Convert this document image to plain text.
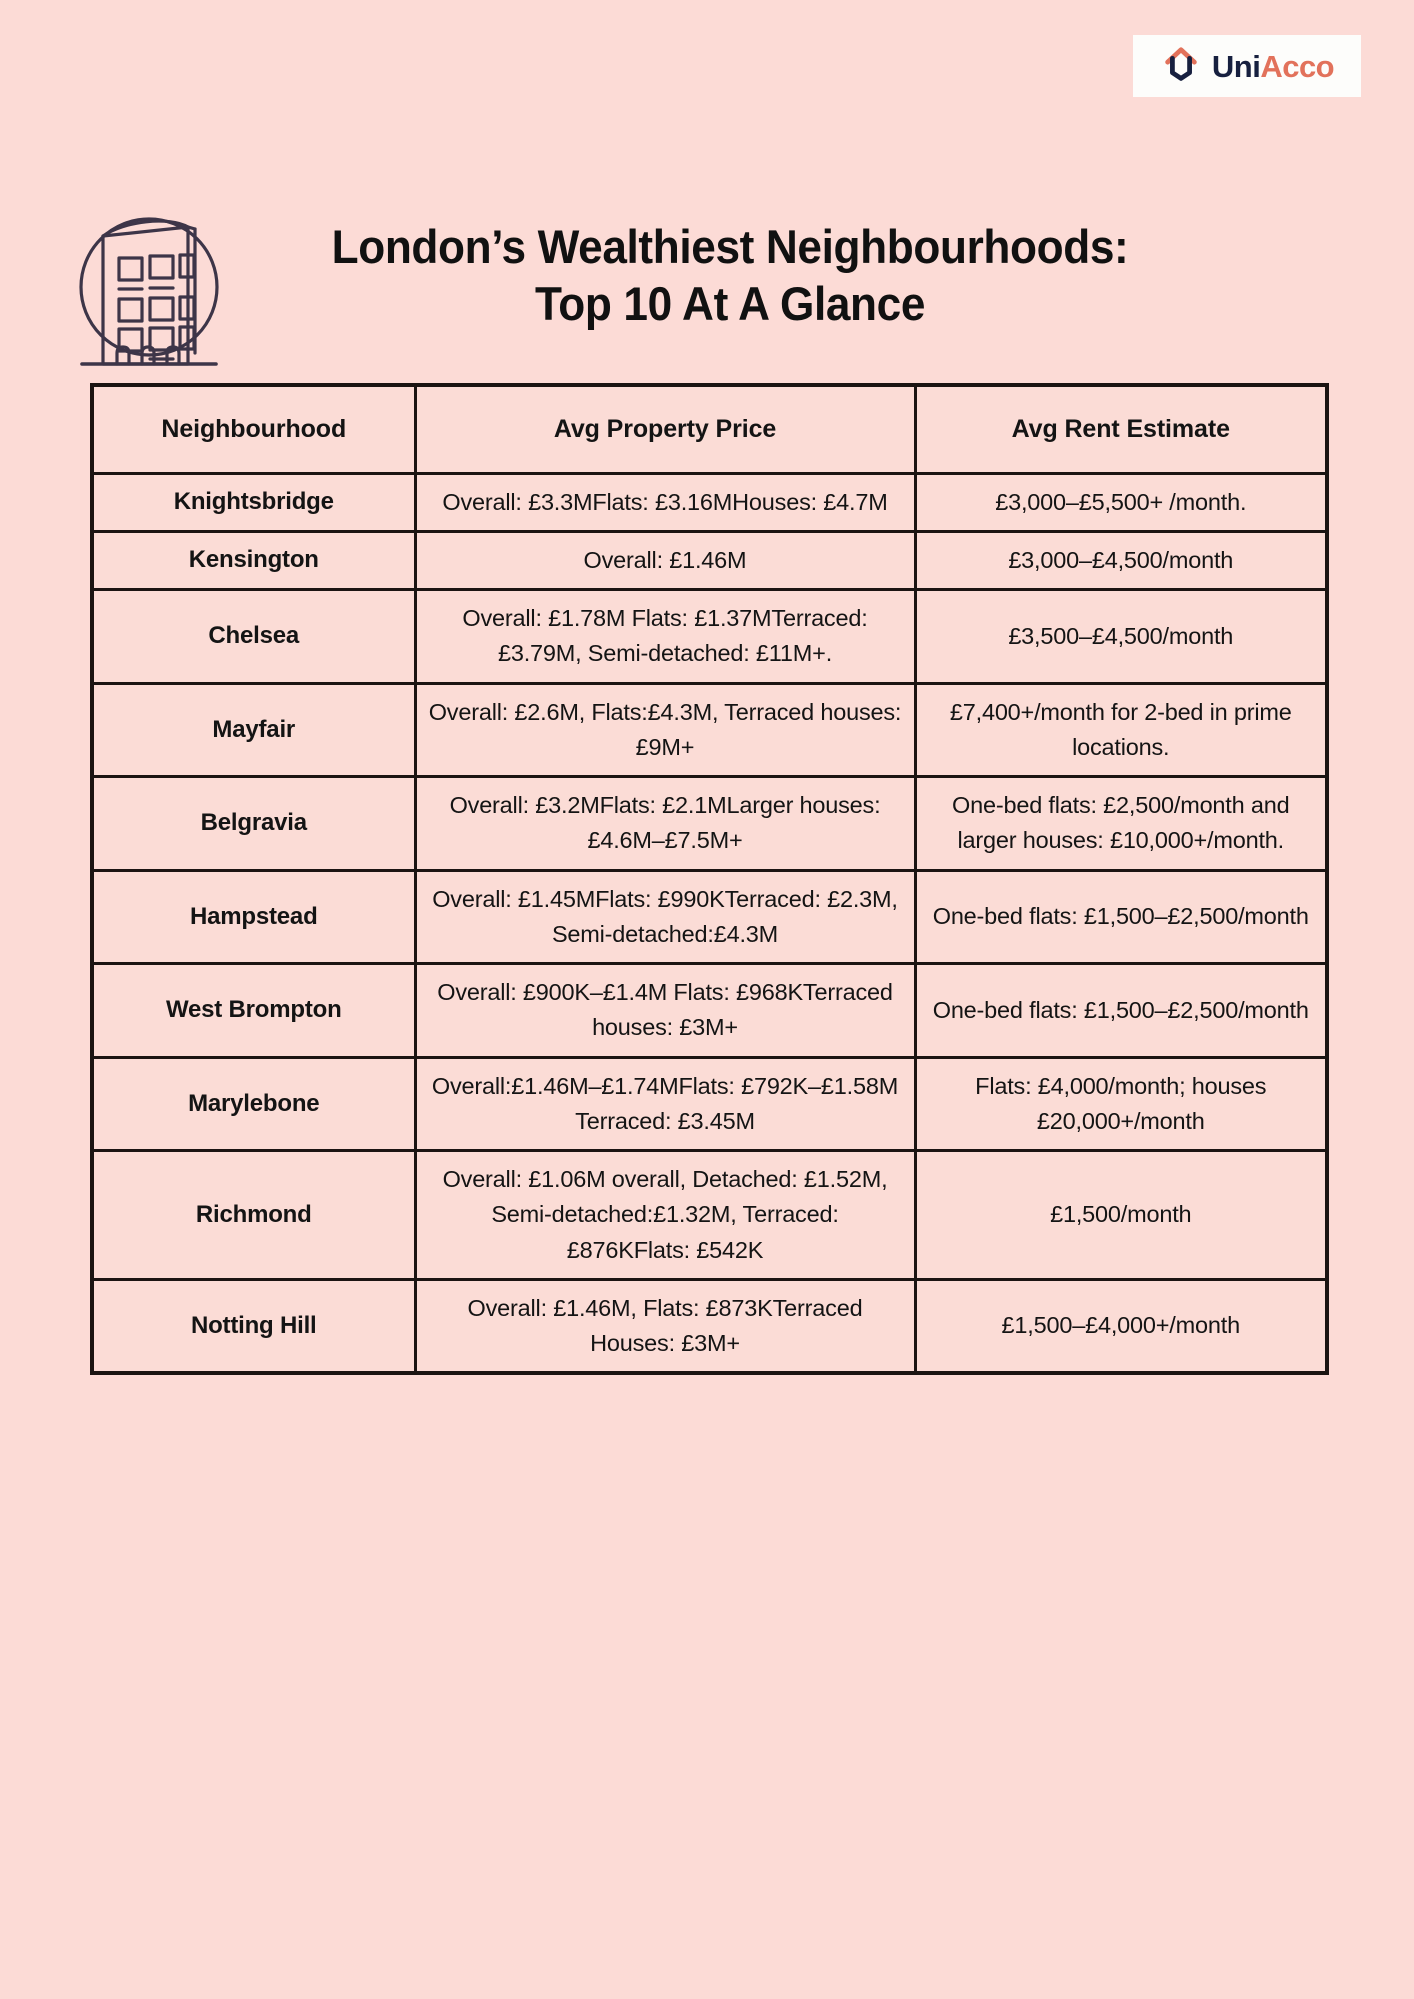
UniAcco
London’s Wealthiest Neighbourhoods:
Top 10 At A Glance
Neighbourhood	Avg Property Price	Avg Rent Estimate
Knightsbridge	Overall: £3.3MFlats: £3.16MHouses: £4.7M	£3,000–£5,500+ /month.
Kensington	Overall: £1.46M	£3,000–£4,500/month
Chelsea	Overall: £1.78M Flats: £1.37MTerraced: £3.79M, Semi-detached: £11M+.	£3,500–£4,500/month
Mayfair	Overall: £2.6M, Flats:£4.3M, Terraced houses: £9M+	£7,400+/month for 2-bed in prime locations.
Belgravia	Overall: £3.2MFlats: £2.1MLarger houses: £4.6M–£7.5M+	One-bed flats: £2,500/month and larger houses: £10,000+/month.
Hampstead	Overall: £1.45MFlats: £990KTerraced: £2.3M, Semi-detached:£4.3M	One-bed flats: £1,500–£2,500/month
West Brompton	Overall: £900K–£1.4M Flats: £968KTerraced houses: £3M+	One-bed flats: £1,500–£2,500/month
Marylebone	Overall:£1.46M–£1.74MFlats: £792K–£1.58M Terraced: £3.45M	Flats: £4,000/month; houses £20,000+/month
Richmond	Overall: £1.06M overall, Detached: £1.52M, Semi-detached:£1.32M, Terraced: £876KFlats: £542K	£1,500/month
Notting Hill	Overall: £1.46M, Flats: £873KTerraced Houses: £3M+	£1,500–£4,000+/month
